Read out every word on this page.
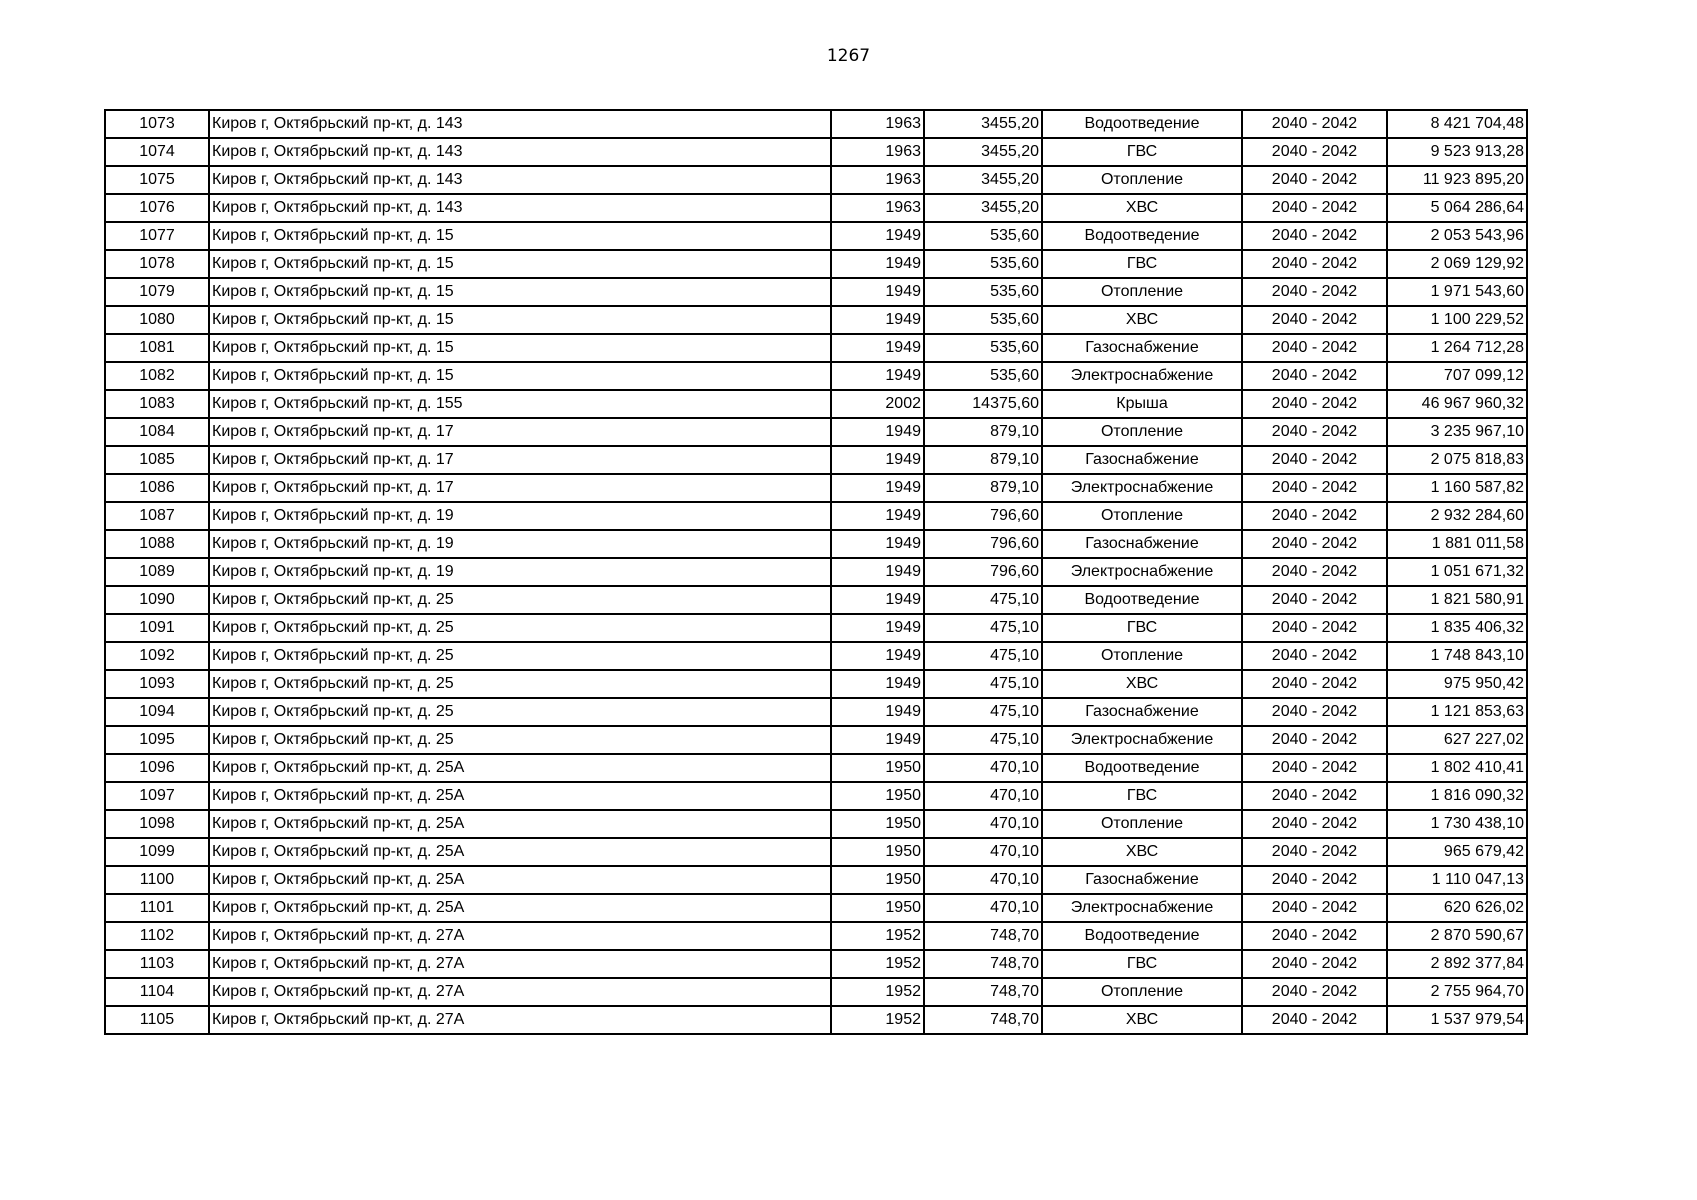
1267
1073	Киров г, Октябрьский пр-кт, д. 143	1963	3455,20	Водоотведение	2040 - 2042	8 421 704,48
1074	Киров г, Октябрьский пр-кт, д. 143	1963	3455,20	ГВС	2040 - 2042	9 523 913,28
1075	Киров г, Октябрьский пр-кт, д. 143	1963	3455,20	Отопление	2040 - 2042	11 923 895,20
1076	Киров г, Октябрьский пр-кт, д. 143	1963	3455,20	ХВС	2040 - 2042	5 064 286,64
1077	Киров г, Октябрьский пр-кт, д. 15	1949	535,60	Водоотведение	2040 - 2042	2 053 543,96
1078	Киров г, Октябрьский пр-кт, д. 15	1949	535,60	ГВС	2040 - 2042	2 069 129,92
1079	Киров г, Октябрьский пр-кт, д. 15	1949	535,60	Отопление	2040 - 2042	1 971 543,60
1080	Киров г, Октябрьский пр-кт, д. 15	1949	535,60	ХВС	2040 - 2042	1 100 229,52
1081	Киров г, Октябрьский пр-кт, д. 15	1949	535,60	Газоснабжение	2040 - 2042	1 264 712,28
1082	Киров г, Октябрьский пр-кт, д. 15	1949	535,60	Электроснабжение	2040 - 2042	707 099,12
1083	Киров г, Октябрьский пр-кт, д. 155	2002	14375,60	Крыша	2040 - 2042	46 967 960,32
1084	Киров г, Октябрьский пр-кт, д. 17	1949	879,10	Отопление	2040 - 2042	3 235 967,10
1085	Киров г, Октябрьский пр-кт, д. 17	1949	879,10	Газоснабжение	2040 - 2042	2 075 818,83
1086	Киров г, Октябрьский пр-кт, д. 17	1949	879,10	Электроснабжение	2040 - 2042	1 160 587,82
1087	Киров г, Октябрьский пр-кт, д. 19	1949	796,60	Отопление	2040 - 2042	2 932 284,60
1088	Киров г, Октябрьский пр-кт, д. 19	1949	796,60	Газоснабжение	2040 - 2042	1 881 011,58
1089	Киров г, Октябрьский пр-кт, д. 19	1949	796,60	Электроснабжение	2040 - 2042	1 051 671,32
1090	Киров г, Октябрьский пр-кт, д. 25	1949	475,10	Водоотведение	2040 - 2042	1 821 580,91
1091	Киров г, Октябрьский пр-кт, д. 25	1949	475,10	ГВС	2040 - 2042	1 835 406,32
1092	Киров г, Октябрьский пр-кт, д. 25	1949	475,10	Отопление	2040 - 2042	1 748 843,10
1093	Киров г, Октябрьский пр-кт, д. 25	1949	475,10	ХВС	2040 - 2042	975 950,42
1094	Киров г, Октябрьский пр-кт, д. 25	1949	475,10	Газоснабжение	2040 - 2042	1 121 853,63
1095	Киров г, Октябрьский пр-кт, д. 25	1949	475,10	Электроснабжение	2040 - 2042	627 227,02
1096	Киров г, Октябрьский пр-кт, д. 25А	1950	470,10	Водоотведение	2040 - 2042	1 802 410,41
1097	Киров г, Октябрьский пр-кт, д. 25А	1950	470,10	ГВС	2040 - 2042	1 816 090,32
1098	Киров г, Октябрьский пр-кт, д. 25А	1950	470,10	Отопление	2040 - 2042	1 730 438,10
1099	Киров г, Октябрьский пр-кт, д. 25А	1950	470,10	ХВС	2040 - 2042	965 679,42
1100	Киров г, Октябрьский пр-кт, д. 25А	1950	470,10	Газоснабжение	2040 - 2042	1 110 047,13
1101	Киров г, Октябрьский пр-кт, д. 25А	1950	470,10	Электроснабжение	2040 - 2042	620 626,02
1102	Киров г, Октябрьский пр-кт, д. 27А	1952	748,70	Водоотведение	2040 - 2042	2 870 590,67
1103	Киров г, Октябрьский пр-кт, д. 27А	1952	748,70	ГВС	2040 - 2042	2 892 377,84
1104	Киров г, Октябрьский пр-кт, д. 27А	1952	748,70	Отопление	2040 - 2042	2 755 964,70
1105	Киров г, Октябрьский пр-кт, д. 27А	1952	748,70	ХВС	2040 - 2042	1 537 979,54
